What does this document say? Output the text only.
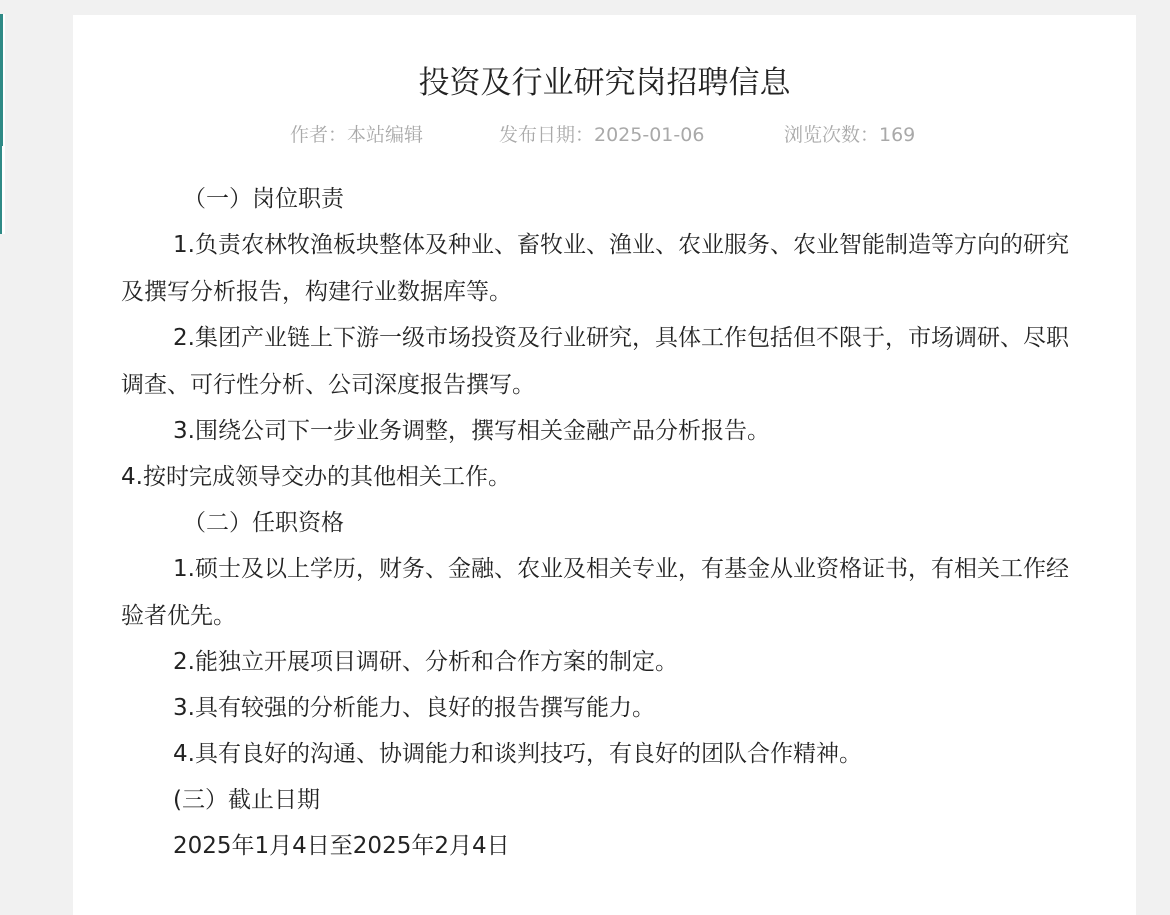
投资及行业研究岗招聘信息
作者：本站编辑	发布日期：2025-01-06	浏览次数：169

（一）岗位职责

1.负责农林牧渔板块整体及种业、畜牧业、渔业、农业服务、农业智能制造等方向的研究及撰写分析报告，构建行业数据库等。

2.集团产业链上下游一级市场投资及行业研究，具体工作包括但不限于，市场调研、尽职调查、可行性分析、公司深度报告撰写。

3.围绕公司下一步业务调整，撰写相关金融产品分析报告。

4.按时完成领导交办的其他相关工作。

（二）任职资格

1.硕士及以上学历，财务、金融、农业及相关专业，有基金从业资格证书，有相关工作经验者优先。

2.能独立开展项目调研、分析和合作方案的制定。

3.具有较强的分析能力、良好的报告撰写能力。

4.具有良好的沟通、协调能力和谈判技巧，有良好的团队合作精神。

(三）截止日期

2025年1月4日至2025年2月4日
